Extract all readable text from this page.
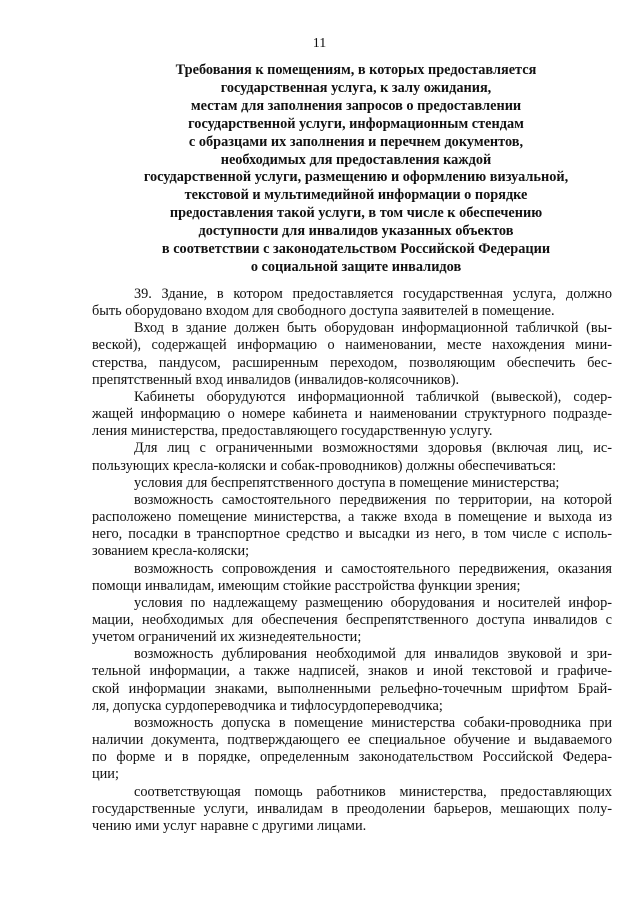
11
Требования к помещениям, в которых предоставляется
государственная услуга, к залу ожидания,
местам для заполнения запросов о предоставлении
государственной услуги, информационным стендам
с образцами их заполнения и перечнем документов,
необходимых для предоставления каждой
государственной услуги, размещению и оформлению визуальной,
текстовой и мультимедийной информации о порядке
предоставления такой услуги, в том числе к обеспечению
доступности для инвалидов указанных объектов
в соответствии с законодательством Российской Федерации
о социальной защите инвалидов
39. Здание, в котором предоставляется государственная услуга, должно
быть оборудовано входом для свободного доступа заявителей в помещение.
Вход в здание должен быть оборудован информационной табличкой (вы-
веской), содержащей информацию о наименовании, месте нахождения мини-
стерства, пандусом, расширенным переходом, позволяющим обеспечить бес-
препятственный вход инвалидов (инвалидов-колясочников).
Кабинеты оборудуются информационной табличкой (вывеской), содер-
жащей информацию о номере кабинета и наименовании структурного подразде-
ления министерства, предоставляющего государственную услугу.
Для лиц с ограниченными возможностями здоровья (включая лиц, ис-
пользующих кресла-коляски и собак-проводников) должны обеспечиваться:
условия для беспрепятственного доступа в помещение министерства;
возможность самостоятельного передвижения по территории, на которой
расположено помещение министерства, а также входа в помещение и выхода из
него, посадки в транспортное средство и высадки из него, в том числе с исполь-
зованием кресла-коляски;
возможность сопровождения и самостоятельного передвижения, оказания
помощи инвалидам, имеющим стойкие расстройства функции зрения;
условия по надлежащему размещению оборудования и носителей инфор-
мации, необходимых для обеспечения беспрепятственного доступа инвалидов с
учетом ограничений их жизнедеятельности;
возможность дублирования необходимой для инвалидов звуковой и зри-
тельной информации, а также надписей, знаков и иной текстовой и графиче-
ской информации знаками, выполненными рельефно-точечным шрифтом Брай-
ля, допуска сурдопереводчика и тифлосурдопереводчика;
возможность допуска в помещение министерства собаки-проводника при
наличии документа, подтверждающего ее специальное обучение и выдаваемого
по форме и в порядке, определенным законодательством Российской Федера-
ции;
соответствующая помощь работников министерства, предоставляющих
государственные услуги, инвалидам в преодолении барьеров, мешающих полу-
чению ими услуг наравне с другими лицами.
